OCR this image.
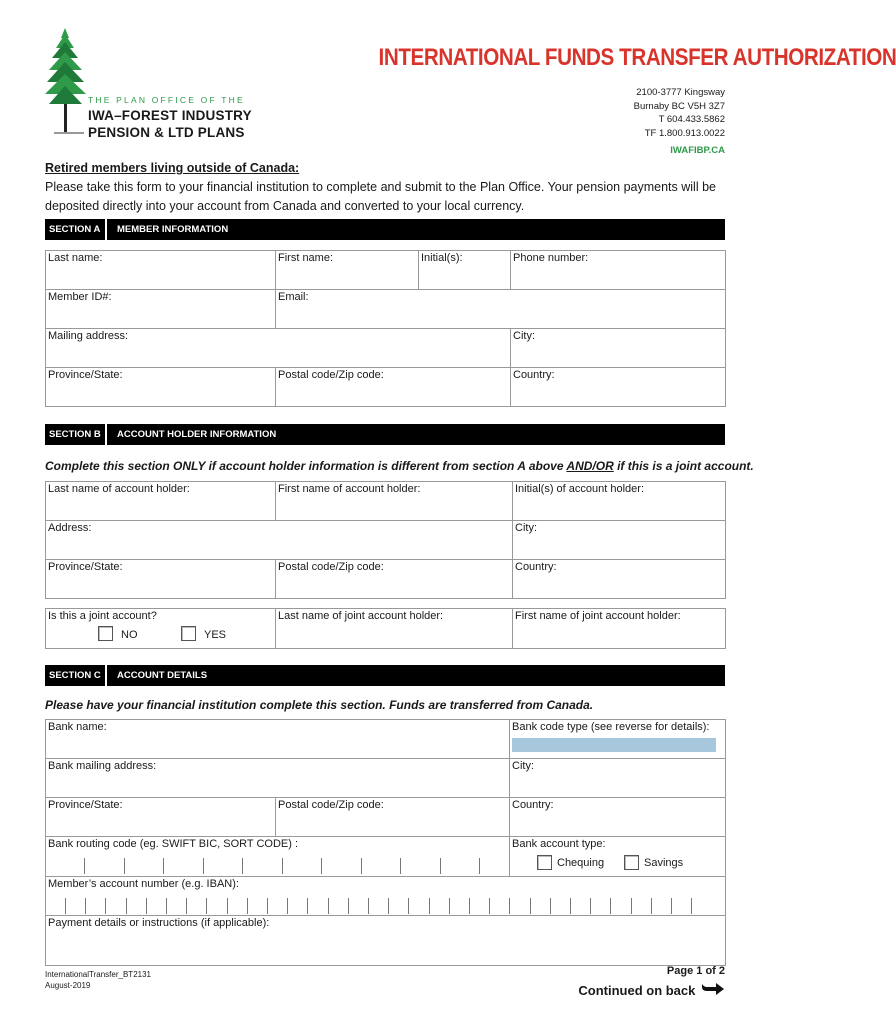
THE PLAN OFFICE OF THE
IWA–FOREST INDUSTRY
PENSION & LTD PLANS
INTERNATIONAL FUNDS TRANSFER AUTHORIZATION
2100-3777 Kingsway
Burnaby BC V5H 3Z7
T 604.433.5862
TF 1.800.913.0022
IWAFIBP.CA
Retired members living outside of Canada:
Please take this form to your financial institution to complete and submit to the Plan Office. Your pension payments will be deposited directly into your account from Canada and converted to your local currency.
SECTION A	MEMBER INFORMATION
Last name:	First name:	Initial(s):	Phone number:
Member ID#:	Email:
Mailing address:	City:
Province/State:	Postal code/Zip code:	Country:
SECTION B	ACCOUNT HOLDER INFORMATION
Complete this section ONLY if account holder information is different from section A above AND/OR if this is a joint account.
Last name of account holder:	First name of account holder:	Initial(s) of account holder:
Address:	City:
Province/State:	Postal code/Zip code:	Country:
Is this a joint account?
NO	YES
Last name of joint account holder:	First name of joint account holder:
SECTION C	ACCOUNT DETAILS
Please have your financial institution complete this section. Funds are transferred from Canada.
Bank name:	Bank code type (see reverse for details):
Bank mailing address:	City:
Province/State:	Postal code/Zip code:	Country:
Bank routing code (eg. SWIFT BIC, SORT CODE) :	Bank account type:
Chequing	Savings
Member’s account number (e.g. IBAN):
Payment details or instructions (if applicable):
InternationalTransfer_BT2131
August-2019
Page 1 of 2
Continued on back
